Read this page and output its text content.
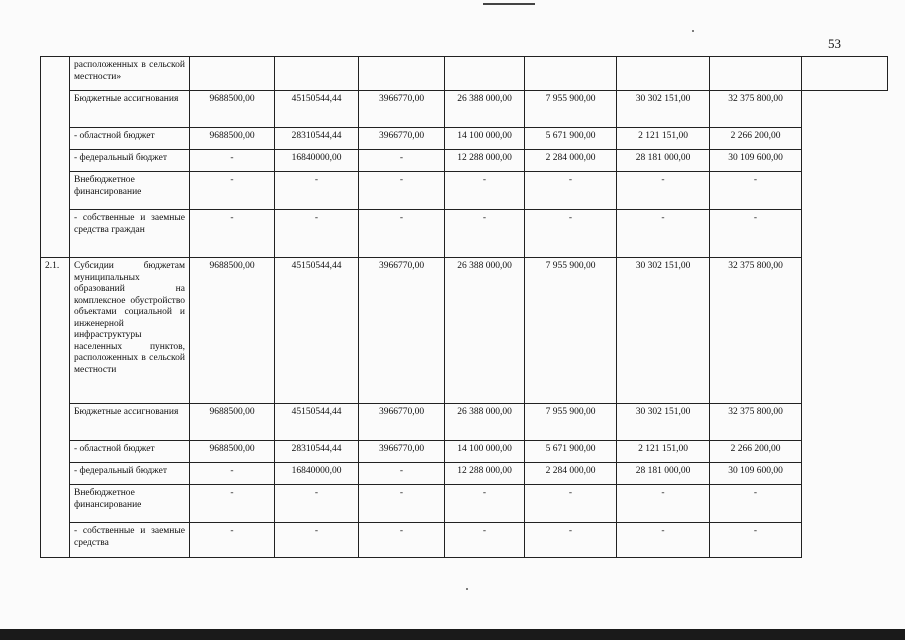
53
	расположенных в сельской местности»								
	Бюджетные ассигнования	9688500,00	45150544,44	3966770,00	26 388 000,00	7 955 900,00	30 302 151,00	32 375 800,00	
	- областной бюджет	9688500,00	28310544,44	3966770,00	14 100 000,00	5 671 900,00	2 121 151,00	2 266 200,00	
	- федеральный бюджет	-	16840000,00	-	12 288 000,00	2 284 000,00	28 181 000,00	30 109 600,00	
	Внебюджетное финансирование	-	-	-	-	-	-	-	
	- собственные и заемные средства граждан	-	-	-	-	-	-	-	
2.1.	Субсидии бюджетам муниципальных образований на комплексное обустройство объектами социальной и инженерной инфраструктуры населенных пунктов, расположенных в сельской местности	9688500,00	45150544,44	3966770,00	26 388 000,00	7 955 900,00	30 302 151,00	32 375 800,00	
	Бюджетные ассигнования	9688500,00	45150544,44	3966770,00	26 388 000,00	7 955 900,00	30 302 151,00	32 375 800,00	
	- областной бюджет	9688500,00	28310544,44	3966770,00	14 100 000,00	5 671 900,00	2 121 151,00	2 266 200,00	
	- федеральный бюджет	-	16840000,00	-	12 288 000,00	2 284 000,00	28 181 000,00	30 109 600,00	
	Внебюджетное финансирование	-	-	-	-	-	-	-	
	- собственные и заемные средства	-	-	-	-	-	-	-	
